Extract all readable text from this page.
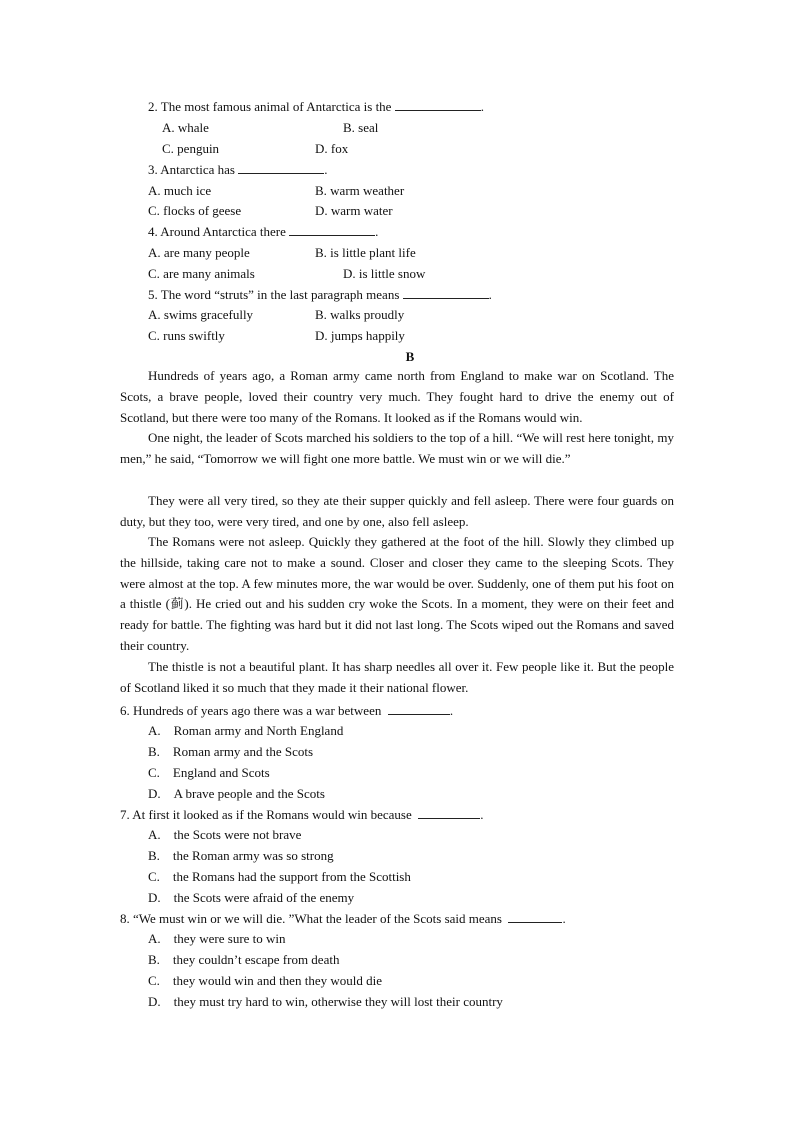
2. The most famous animal of Antarctica is the	.
A. whale	B. seal
C. penguin	D. fox
3. Antarctica has	.
A. much ice	B. warm weather
C. flocks of geese	D. warm water
4. Around Antarctica there	.
A. are many people	B. is little plant life
C. are many animals	D. is little snow
5. The word “struts” in the last paragraph means	.
A. swims gracefully	B. walks proudly
C. runs swiftly	D. jumps happily
B
Hundreds of years ago, a Roman army came north from England to make war on Scotland. The Scots, a brave people, loved their country very much. They fought hard to drive the enemy out of Scotland, but there were too many of the Romans. It looked as if the Romans would win.
One night, the leader of Scots marched his soldiers to the top of a hill. “We will rest here tonight, my men,” he said, “Tomorrow we will fight one more battle. We must win or we will die.”
They were all very tired, so they ate their supper quickly and fell asleep. There were four guards on duty, but they too, were very tired, and one by one, also fell asleep.
The Romans were not asleep. Quickly they gathered at the foot of the hill. Slowly they climbed up the hillside, taking care not to make a sound. Closer and closer they came to the sleeping Scots. They were almost at the top. A few minutes more, the war would be over. Suddenly, one of them put his foot on a thistle (蓟). He cried out and his sudden cry woke the Scots. In a moment, they were on their feet and ready for battle. The fighting was hard but it did not last long. The Scots wiped out the Romans and saved their country.
The thistle is not a beautiful plant. It has sharp needles all over it. Few people like it. But the people of Scotland liked it so much that they made it their national flower.
6. Hundreds of years ago there was a war between	.
A. Roman army and North England
B. Roman army and the Scots
C. England and Scots
D. A brave people and the Scots
7. At first it looked as if the Romans would win because	.
A. the Scots were not brave
B. the Roman army was so strong
C. the Romans had the support from the Scottish
D. the Scots were afraid of the enemy
8. “We must win or we will die. ”What the leader of the Scots said means	.
A. they were sure to win
B. they couldn’t escape from death
C. they would win and then they would die
D. they must try hard to win, otherwise they will lost their country
